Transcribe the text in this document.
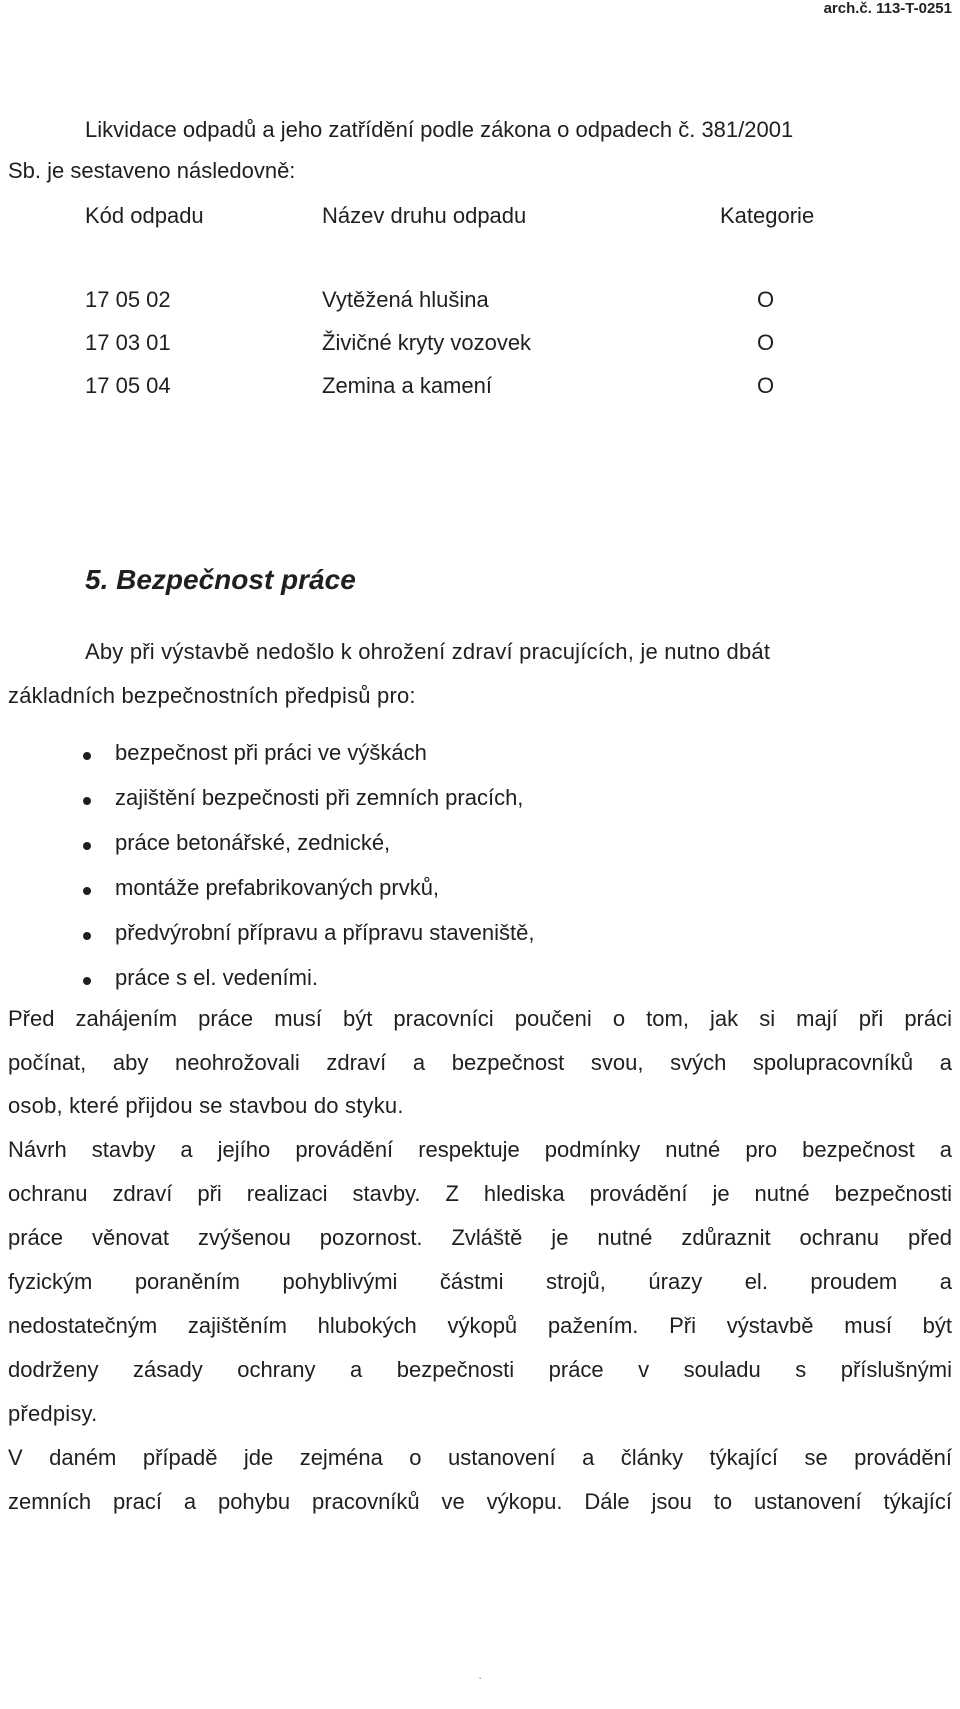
arch.č. 113-T-0251
Likvidace odpadů a jeho zatřídění podle zákona o odpadech č. 381/2001
Sb. je sestaveno následovně:
Kód odpadu	Název druhu odpadu	Kategorie
17 05 02	Vytěžená hlušina	O
17 03 01	Živičné kryty vozovek	O
17 05 04	Zemina a kamení	O
5. Bezpečnost práce
Aby při výstavbě nedošlo k ohrožení zdraví pracujících, je nutno dbát
základních bezpečnostních předpisů pro:
bezpečnost při práci ve výškách
zajištění bezpečnosti při zemních pracích,
práce betonářské, zednické,
montáže prefabrikovaných prvků,
předvýrobní přípravu a přípravu staveniště,
práce s el. vedeními.
Před zahájením práce musí být pracovníci poučeni o tom, jak si mají při práci
počínat, aby neohrožovali zdraví a bezpečnost svou, svých spolupracovníků a
osob, které přijdou se stavbou do styku.
Návrh stavby a jejího provádění respektuje podmínky nutné pro bezpečnost a
ochranu zdraví při realizaci stavby. Z hlediska provádění je nutné bezpečnosti
práce věnovat zvýšenou pozornost. Zvláště je nutné zdůraznit ochranu před
fyzickým poraněním pohyblivými částmi strojů, úrazy el. proudem a
nedostatečným zajištěním hlubokých výkopů pažením. Při výstavbě musí být
dodrženy zásady ochrany a bezpečnosti práce v souladu s příslušnými
předpisy.
V daném případě jde zejména o ustanovení a články týkající se provádění
zemních prací a pohybu pracovníků ve výkopu. Dále jsou to ustanovení týkající
10
